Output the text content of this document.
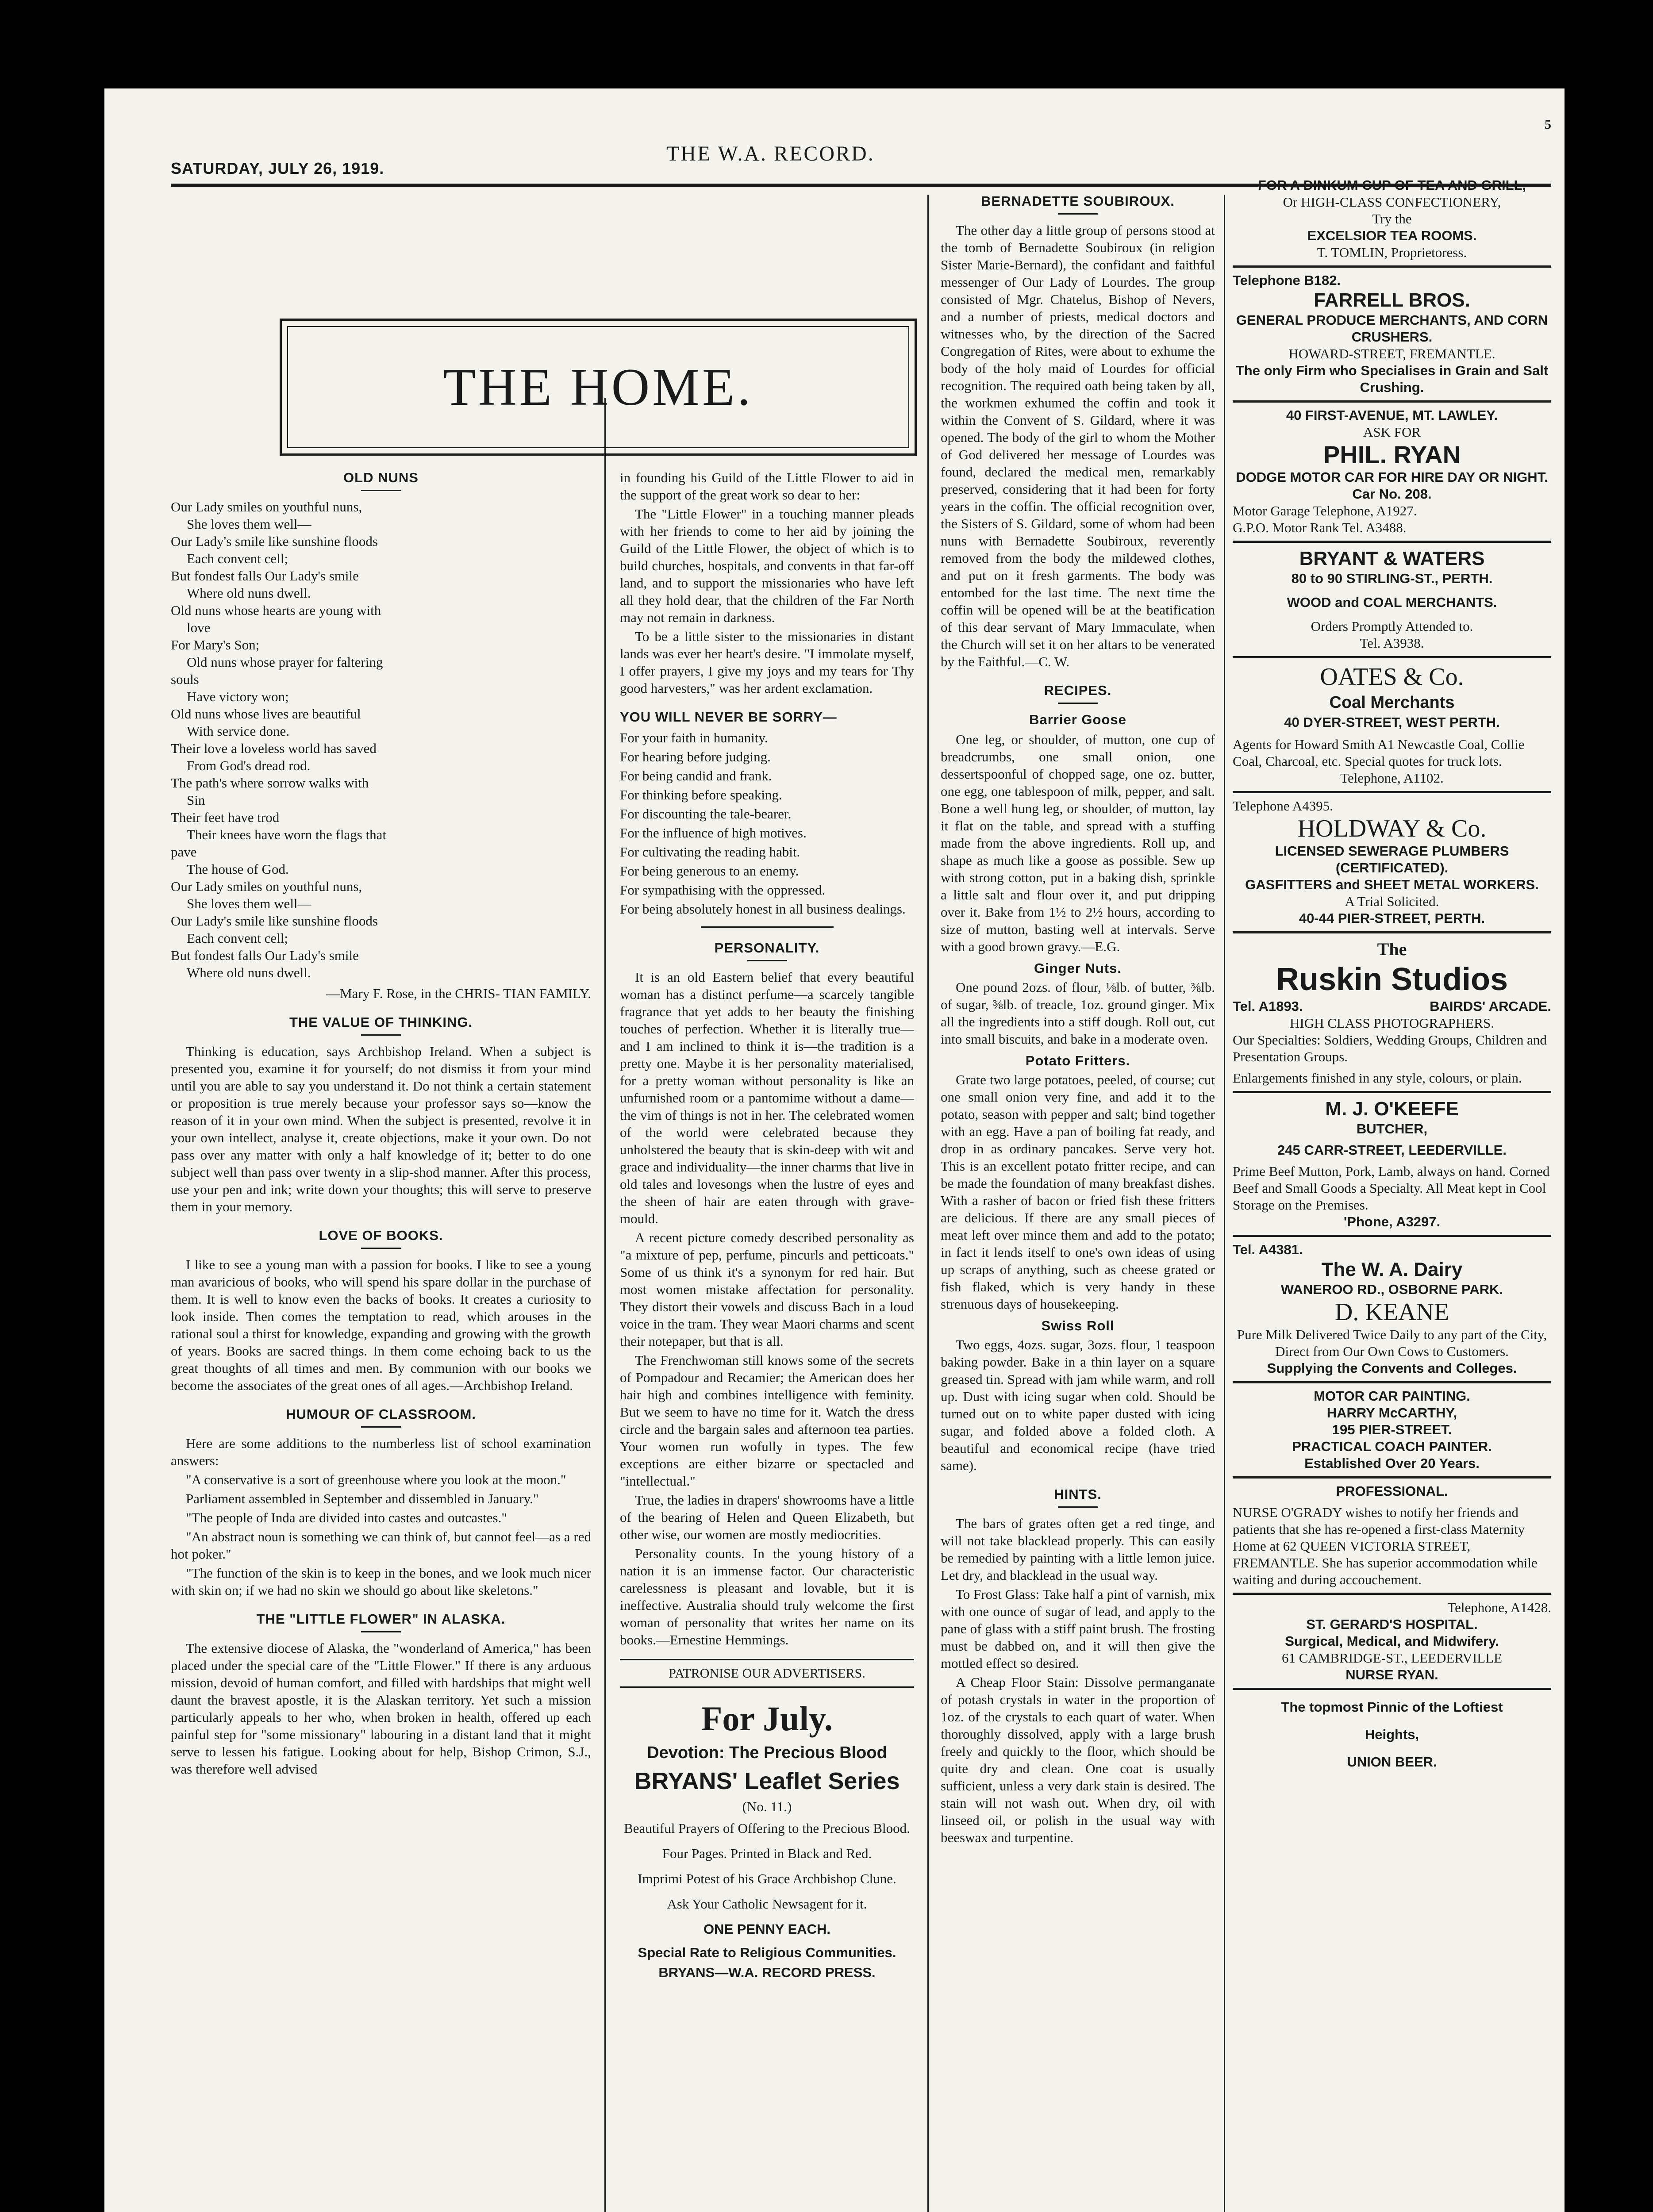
SATURDAY, JULY 26, 1919.
THE W.A. RECORD.
5
THE HOME.
OLD NUNS

Our Lady smiles on youthful nuns,

She loves them well—

Our Lady's smile like sunshine floods

Each convent cell;

But fondest falls Our Lady's smile

Where old nuns dwell.

Old nuns whose hearts are young with

love

For Mary's Son;

Old nuns whose prayer for faltering

souls

Have victory won;

Old nuns whose lives are beautiful

With service done.

Their love a loveless world has saved

From God's dread rod.

The path's where sorrow walks with

Sin

Their feet have trod

Their knees have worn the flags that

pave

The house of God.

Our Lady smiles on youthful nuns,

She loves them well—

Our Lady's smile like sunshine floods

Each convent cell;

But fondest falls Our Lady's smile

Where old nuns dwell.

—Mary F. Rose, in the CHRIS- TIAN FAMILY.

THE VALUE OF THINKING.

Thinking is education, says Archbishop Ireland. When a subject is presented you, examine it for yourself; do not dismiss it from your mind until you are able to say you understand it. Do not think a certain statement or proposition is true merely because your professor says so—know the reason of it in your own mind. When the subject is presented, revolve it in your own intellect, analyse it, create objections, make it your own. Do not pass over any matter with only a half knowledge of it; better to do one subject well than pass over twenty in a slip-shod manner. After this process, use your pen and ink; write down your thoughts; this will serve to preserve them in your memory.

LOVE OF BOOKS.

I like to see a young man with a passion for books. I like to see a young man avaricious of books, who will spend his spare dollar in the purchase of them. It is well to know even the backs of books. It creates a curiosity to look inside. Then comes the temptation to read, which arouses in the rational soul a thirst for knowledge, expanding and growing with the growth of years. Books are sacred things. In them come echoing back to us the great thoughts of all times and men. By communion with our books we become the associates of the great ones of all ages.—Archbishop Ireland.

HUMOUR OF CLASSROOM.

Here are some additions to the numberless list of school examination answers:

"A conservative is a sort of greenhouse where you look at the moon."

Parliament assembled in September and dissembled in January."

"The people of Inda are divided into castes and outcastes."

"An abstract noun is something we can think of, but cannot feel—as a red hot poker."

"The function of the skin is to keep in the bones, and we look much nicer with skin on; if we had no skin we should go about like skeletons."

THE "LITTLE FLOWER" IN ALASKA.

The extensive diocese of Alaska, the "wonderland of America," has been placed under the special care of the "Little Flower." If there is any arduous mission, devoid of human comfort, and filled with hardships that might well daunt the bravest apostle, it is the Alaskan territory. Yet such a mission particularly appeals to her who, when broken in health, offered up each painful step for "some missionary" labouring in a distant land that it might serve to lessen his fatigue. Looking about for help, Bishop Crimon, S.J., was therefore well advised

in founding his Guild of the Little Flower to aid in the support of the great work so dear to her:

The "Little Flower" in a touching manner pleads with her friends to come to her aid by joining the Guild of the Little Flower, the object of which is to build churches, hospitals, and convents in that far-off land, and to support the missionaries who have left all they hold dear, that the children of the Far North may not remain in darkness.

To be a little sister to the missionaries in distant lands was ever her heart's desire. "I immolate myself, I offer prayers, I give my joys and my tears for Thy good harvesters," was her ardent exclamation.

YOU WILL NEVER BE SORRY—

For your faith in humanity.

For hearing before judging.

For being candid and frank.

For thinking before speaking.

For discounting the tale-bearer.

For the influence of high motives.

For cultivating the reading habit.

For being generous to an enemy.

For sympathising with the oppressed.

For being absolutely honest in all business dealings.

PERSONALITY.

It is an old Eastern belief that every beautiful woman has a distinct perfume—a scarcely tangible fragrance that yet adds to her beauty the finishing touches of perfection. Whether it is literally true—and I am inclined to think it is—the tradition is a pretty one. Maybe it is her personality materialised, for a pretty woman without personality is like an unfurnished room or a pantomime without a dame—the vim of things is not in her. The celebrated women of the world were celebrated because they unholstered the beauty that is skin-deep with wit and grace and individuality—the inner charms that live in old tales and lovesongs when the lustre of eyes and the sheen of hair are eaten through with grave-mould.

A recent picture comedy described personality as "a mixture of pep, perfume, pincurls and petticoats." Some of us think it's a synonym for red hair. But most women mistake affectation for personality. They distort their vowels and discuss Bach in a loud voice in the tram. They wear Maori charms and scent their notepaper, but that is all.

The Frenchwoman still knows some of the secrets of Pompadour and Recamier; the American does her hair high and combines intelligence with feminity. But we seem to have no time for it. Watch the dress circle and the bargain sales and afternoon tea parties. Your women run wofully in types. The few exceptions are either bizarre or spectacled and "intellectual."

True, the ladies in drapers' showrooms have a little of the bearing of Helen and Queen Elizabeth, but other wise, our women are mostly mediocrities.

Personality counts. In the young history of a nation it is an immense factor. Our characteristic carelessness is pleasant and lovable, but it is ineffective. Australia should truly welcome the first woman of personality that writes her name on its books.—Ernestine Hemmings.

PATRONISE OUR ADVERTISERS.
For July.
Devotion: The Precious Blood
BRYANS' Leaflet Series
(No. 11.)
Beautiful Prayers of Offering to the Precious Blood.
Four Pages. Printed in Black and Red.
Imprimi Potest of his Grace Archbishop Clune.
Ask Your Catholic Newsagent for it.
ONE PENNY EACH.
Special Rate to Religious Communities.
BRYANS—W.A. RECORD PRESS.
BERNADETTE SOUBIROUX.

The other day a little group of persons stood at the tomb of Bernadette Soubiroux (in religion Sister Marie-Bernard), the confidant and faithful messenger of Our Lady of Lourdes. The group consisted of Mgr. Chatelus, Bishop of Nevers, and a number of priests, medical doctors and witnesses who, by the direction of the Sacred Congregation of Rites, were about to exhume the body of the holy maid of Lourdes for official recognition. The required oath being taken by all, the workmen exhumed the coffin and took it within the Convent of S. Gildard, where it was opened. The body of the girl to whom the Mother of God delivered her message of Lourdes was found, declared the medical men, remarkably preserved, considering that it had been for forty years in the coffin. The official recognition over, the Sisters of S. Gildard, some of whom had been nuns with Bernadette Soubiroux, reverently removed from the body the mildewed clothes, and put on it fresh garments. The body was entombed for the last time. The next time the coffin will be opened will be at the beatification of this dear servant of Mary Immaculate, when the Church will set it on her altars to be venerated by the Faithful.—C. W.

RECIPES.
Barrier Goose

One leg, or shoulder, of mutton, one cup of breadcrumbs, one small onion, one dessertspoonful of chopped sage, one oz. butter, one egg, one tablespoon of milk, pepper, and salt. Bone a well hung leg, or shoulder, of mutton, lay it flat on the table, and spread with a stuffing made from the above ingredients. Roll up, and shape as much like a goose as possible. Sew up with strong cotton, put in a baking dish, sprinkle a little salt and flour over it, and put dripping over it. Bake from 1½ to 2½ hours, according to size of mutton, basting well at intervals. Serve with a good brown gravy.—E.G.

Ginger Nuts.

One pound 2ozs. of flour, ⅛lb. of butter, ⅜lb. of sugar, ⅜lb. of treacle, 1oz. ground ginger. Mix all the ingredients into a stiff dough. Roll out, cut into small biscuits, and bake in a moderate oven.

Potato Fritters.

Grate two large potatoes, peeled, of course; cut one small onion very fine, and add it to the potato, season with pepper and salt; bind together with an egg. Have a pan of boiling fat ready, and drop in as ordinary pancakes. Serve very hot. This is an excellent potato fritter recipe, and can be made the foundation of many breakfast dishes. With a rasher of bacon or fried fish these fritters are delicious. If there are any small pieces of meat left over mince them and add to the potato; in fact it lends itself to one's own ideas of using up scraps of anything, such as cheese grated or fish flaked, which is very handy in these strenuous days of housekeeping.

Swiss Roll

Two eggs, 4ozs. sugar, 3ozs. flour, 1 teaspoon baking powder. Bake in a thin layer on a square greased tin. Spread with jam while warm, and roll up. Dust with icing sugar when cold. Should be turned out on to white paper dusted with icing sugar, and folded above a folded cloth. A beautiful and economical recipe (have tried same).

HINTS.

The bars of grates often get a red tinge, and will not take blacklead properly. This can easily be remedied by painting with a little lemon juice. Let dry, and blacklead in the usual way.

To Frost Glass: Take half a pint of varnish, mix with one ounce of sugar of lead, and apply to the pane of glass with a stiff paint brush. The frosting must be dabbed on, and it will then give the mottled effect so desired.

A Cheap Floor Stain: Dissolve permanganate of potash crystals in water in the proportion of 1oz. of the crystals to each quart of water. When thoroughly dissolved, apply with a large brush freely and quickly to the floor, which should be quite dry and clean. One coat is usually sufficient, unless a very dark stain is desired. The stain will not wash out. When dry, oil with linseed oil, or polish in the usual way with beeswax and turpentine.

FOR A DINKUM CUP OF TEA AND GRILL,
Or HIGH-CLASS CONFECTIONERY,
Try the
EXCELSIOR TEA ROOMS.
T. TOMLIN, Proprietoress.
Telephone B182.
FARRELL BROS.
GENERAL PRODUCE MERCHANTS, AND CORN CRUSHERS.
HOWARD-STREET, FREMANTLE.
The only Firm who Specialises in Grain and Salt Crushing.
40 FIRST-AVENUE, MT. LAWLEY.
ASK FOR
PHIL. RYAN
DODGE MOTOR CAR FOR HIRE DAY OR NIGHT.
Car No. 208.
Motor Garage Telephone, A1927.
G.P.O. Motor Rank Tel. A3488.
BRYANT & WATERS
80 to 90 STIRLING-ST., PERTH.
WOOD and COAL MERCHANTS.
Orders Promptly Attended to.
Tel. A3938.
OATES & Co.
Coal Merchants
40 DYER-STREET, WEST PERTH.
Agents for Howard Smith A1 Newcastle Coal, Collie Coal, Charcoal, etc. Special quotes for truck lots.
Telephone, A1102.
Telephone A4395.
HOLDWAY & Co.
LICENSED SEWERAGE PLUMBERS (CERTIFICATED).
GASFITTERS and SHEET METAL WORKERS.
A Trial Solicited.
40-44 PIER-STREET, PERTH.
The
Ruskin Studios
Tel. A1893.	BAIRDS' ARCADE.
HIGH CLASS PHOTOGRAPHERS.
Our Specialties: Soldiers, Wedding Groups, Children and Presentation Groups.
Enlargements finished in any style, colours, or plain.
M. J. O'KEEFE
BUTCHER,
245 CARR-STREET, LEEDERVILLE.
Prime Beef Mutton, Pork, Lamb, always on hand. Corned Beef and Small Goods a Specialty. All Meat kept in Cool Storage on the Premises.
'Phone, A3297.
Tel. A4381.
The W. A. Dairy
WANEROO RD., OSBORNE PARK.
D. KEANE
Pure Milk Delivered Twice Daily to any part of the City, Direct from Our Own Cows to Customers.
Supplying the Convents and Colleges.
MOTOR CAR PAINTING.
HARRY McCARTHY,
195 PIER-STREET.
PRACTICAL COACH PAINTER.
Established Over 20 Years.
PROFESSIONAL.
NURSE O'GRADY wishes to notify her friends and patients that she has re-opened a first-class Maternity Home at 62 QUEEN VICTORIA STREET, FREMANTLE. She has superior accommodation while waiting and during accouchement.
Telephone, A1428.
ST. GERARD'S HOSPITAL.
Surgical, Medical, and Midwifery.
61 CAMBRIDGE-ST., LEEDERVILLE
NURSE RYAN.
The topmost Pinnic of the Loftiest
Heights,
UNION BEER.
